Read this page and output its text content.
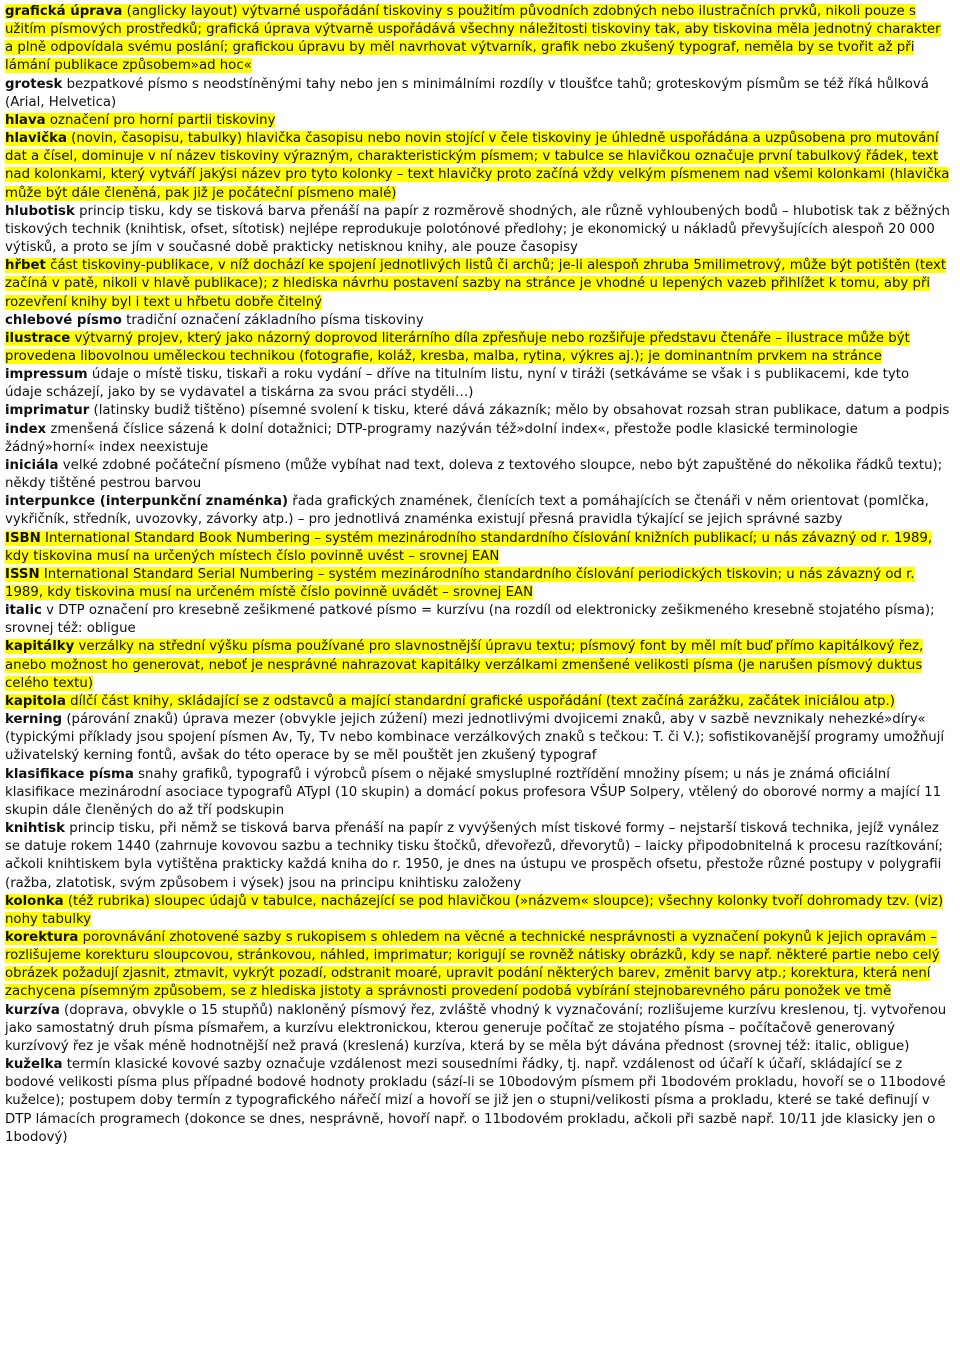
grafická úprava (anglicky layout) výtvarné uspořádání tiskoviny s použitím původních zdobných nebo ilustračních prvků, nikoli pouze s užitím písmových prostředků; grafická úprava výtvarně uspořádává všechny náležitosti tiskoviny tak, aby tiskovina měla jednotný charakter a plně odpovídala svému poslání; grafickou úpravu by měl navrhovat výtvarník, grafik nebo zkušený typograf, neměla by se tvořit až při lámání publikace způsobem»ad hoc«

grotesk bezpatkové písmo s neodstíněnými tahy nebo jen s minimálními rozdíly v tloušťce tahů; groteskovým písmům se též říká hůlková (Arial, Helvetica)

hlava označení pro horní partii tiskoviny

hlavička (novin, časopisu, tabulky) hlavička časopisu nebo novin stojící v čele tiskoviny je úhledně uspořádána a uzpůsobena pro mutování dat a čísel, dominuje v ní název tiskoviny výrazným, charakteristickým písmem; v tabulce se hlavičkou označuje první tabulkový řádek, text nad kolonkami, který vytváří jakýsi název pro tyto kolonky – text hlavičky proto začíná vždy velkým písmenem nad všemi kolonkami (hlavička může být dále členěná, pak již je počáteční písmeno malé)

hlubotisk princip tisku, kdy se tisková barva přenáší na papír z rozměrově shodných, ale různě vyhloubených bodů – hlubotisk tak z běžných tiskových technik (knihtisk, ofset, sítotisk) nejlépe reprodukuje polotónové předlohy; je ekonomický u nákladů převyšujících alespoň 20 000 výtisků, a proto se jím v současné době prakticky netisknou knihy, ale pouze časopisy

hřbet část tiskoviny-publikace, v níž dochází ke spojení jednotlivých listů či archů; je-li alespoň zhruba 5milimetrový, může být potištěn (text začíná v patě, nikoli v hlavě publikace); z hlediska návrhu postavení sazby na stránce je vhodné u lepených vazeb přihlížet k tomu, aby při rozevření knihy byl i text u hřbetu dobře čitelný

chlebové písmo tradiční označení základního písma tiskoviny

ilustrace výtvarný projev, který jako názorný doprovod literárního díla zpřesňuje nebo rozšiřuje představu čtenáře – ilustrace může být provedena libovolnou uměleckou technikou (fotografie, koláž, kresba, malba, rytina, výkres aj.); je dominantním prvkem na stránce

impressum údaje o místě tisku, tiskaři a roku vydání – dříve na titulním listu, nyní v tiráži (setkáváme se však i s publikacemi, kde tyto údaje scházejí, jako by se vydavatel a tiskárna za svou práci styděli…)

imprimatur (latinsky budiž tištěno) písemné svolení k tisku, které dává zákazník; mělo by obsahovat rozsah stran publikace, datum a podpis

index zmenšená číslice sázená k dolní dotažnici; DTP-programy nazýván též»dolní index«, přestože podle klasické terminologie žádný»horní« index neexistuje

iniciála velké zdobné počáteční písmeno (může vybíhat nad text, doleva z textového sloupce, nebo být zapuštěné do několika řádků textu); někdy tištěné pestrou barvou

interpunkce (interpunkční znaménka) řada grafických znamének, členících text a pomáhajících se čtenáři v něm orientovat (pomlčka, vykřičník, středník, uvozovky, závorky atp.) – pro jednotlivá znaménka existují přesná pravidla týkající se jejich správné sazby

ISBN International Standard Book Numbering – systém mezinárodního standardního číslování knižních publikací; u nás závazný od r. 1989, kdy tiskovina musí na určených místech číslo povinně uvést – srovnej EAN

ISSN International Standard Serial Numbering – systém mezinárodního standardního číslování periodických tiskovin; u nás závazný od r. 1989, kdy tiskovina musí na určeném místě číslo povinně uvádět – srovnej EAN

italic v DTP označení pro kresebně zešikmené patkové písmo = kurzívu (na rozdíl od elektronicky zešikmeného kresebně stojatého písma); srovnej též: obligue

kapitálky verzálky na střední výšku písma používané pro slavnostnější úpravu textu; písmový font by měl mít buď přímo kapitálkový řez, anebo možnost ho generovat, neboť je nesprávné nahrazovat kapitálky verzálkami zmenšené velikosti písma (je narušen písmový duktus celého textu)

kapitola dílčí část knihy, skládající se z odstavců a mající standardní grafické uspořádání (text začíná zarážku, začátek iniciálou atp.)

kerning (párování znaků) úprava mezer (obvykle jejich zúžení) mezi jednotlivými dvojicemi znaků, aby v sazbě nevznikaly nehezké»díry« (typickými příklady jsou spojení písmen Av, Ty, Tv nebo kombinace verzálkových znaků s tečkou: T. či V.); sofistikovanější programy umožňují uživatelský kerning fontů, avšak do této operace by se měl pouštět jen zkušený typograf

klasifikace písma snahy grafiků, typografů i výrobců písem o nějaké smysluplné roztřídění množiny písem; u nás je známá oficiální klasifikace mezinárodní asociace typografů ATypI (10 skupin) a domácí pokus profesora VŠUP Solpery, vtělený do oborové normy a mající 11 skupin dále členěných do až tří podskupin

knihtisk princip tisku, při němž se tisková barva přenáší na papír z vyvýšených míst tiskové formy – nejstarší tisková technika, jejíž vynález se datuje rokem 1440 (zahrnuje kovovou sazbu a techniky tisku štočků, dřevořezů, dřevorytů) – laicky připodobnitelná k procesu razítkování; ačkoli knihtiskem byla vytištěna prakticky každá kniha do r. 1950, je dnes na ústupu ve prospěch ofsetu, přestože různé postupy v polygrafii (ražba, zlatotisk, svým způsobem i výsek) jsou na principu knihtisku založeny

kolonka (též rubrika) sloupec údajů v tabulce, nacházející se pod hlavičkou (»názvem« sloupce); všechny kolonky tvoří dohromady tzv. (viz) nohy tabulky

korektura porovnávání zhotovené sazby s rukopisem s ohledem na věcné a technické nesprávnosti a vyznačení pokynů k jejich opravám – rozlišujeme korekturu sloupcovou, stránkovou, náhled, imprimatur; korigují se rovněž nátisky obrázků, kdy se např. některé partie nebo celý obrázek požadují zjasnit, ztmavit, vykrýt pozadí, odstranit moaré, upravit podání některých barev, změnit barvy atp.; korektura, která není zachycena písemným způsobem, se z hlediska jistoty a správnosti provedení podobá vybírání stejnobarevného páru ponožek ve tmě

kurzíva (doprava, obvykle o 15 stupňů) nakloněný písmový řez, zvláště vhodný k vyznačování; rozlišujeme kurzívu kreslenou, tj. vytvořenou jako samostatný druh písma písmařem, a kurzívu elektronickou, kterou generuje počítač ze stojatého písma – počítačově generovaný kurzívový řez je však méně hodnotnější než pravá (kreslená) kurzíva, která by se měla být dávána přednost (srovnej též: italic, obligue)

kuželka termín klasické kovové sazby označuje vzdálenost mezi sousedními řádky, tj. např. vzdálenost od účaří k účaří, skládající se z bodové velikosti písma plus případné bodové hodnoty prokladu (sází-li se 10bodovým písmem při 1bodovém prokladu, hovoří se o 11bodové kuželce); postupem doby termín z typografického nářečí mizí a hovoří se již jen o stupni/velikosti písma a prokladu, které se také definují v DTP lámacích programech (dokonce se dnes, nesprávně, hovoří např. o 11bodovém prokladu, ačkoli při sazbě např. 10/11 jde klasicky jen o 1bodový)
